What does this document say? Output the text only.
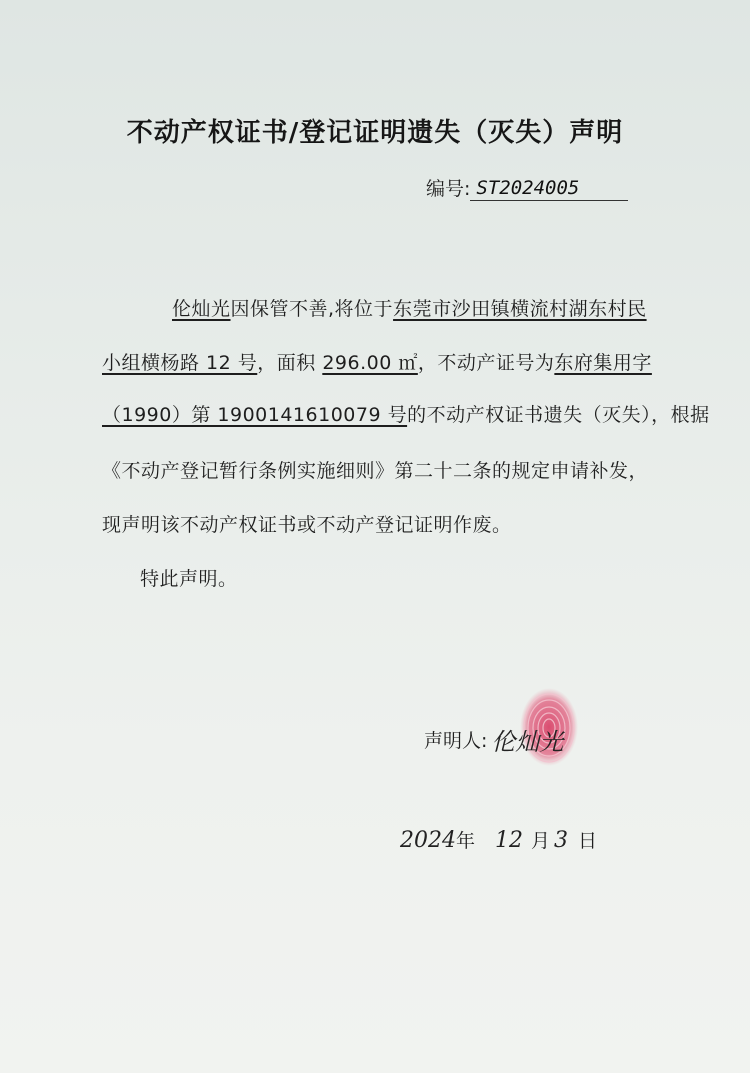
不动产权证书/登记证明遗失（灭失）声明
编号: ST2024005
伦灿光因保管不善,将位于东莞市沙田镇横流村湖东村民
小组横杨路 12 号，面积 296.00 ㎡，不动产证号为东府集用字
（1990）第 1900141610079 号的不动产权证书遗失（灭失），根据
《不动产登记暂行条例实施细则》第二十二条的规定申请补发，
现声明该不动产权证书或不动产登记证明作废。
特此声明。
声明人: 伦灿光
2024 年 12 月 3 日
